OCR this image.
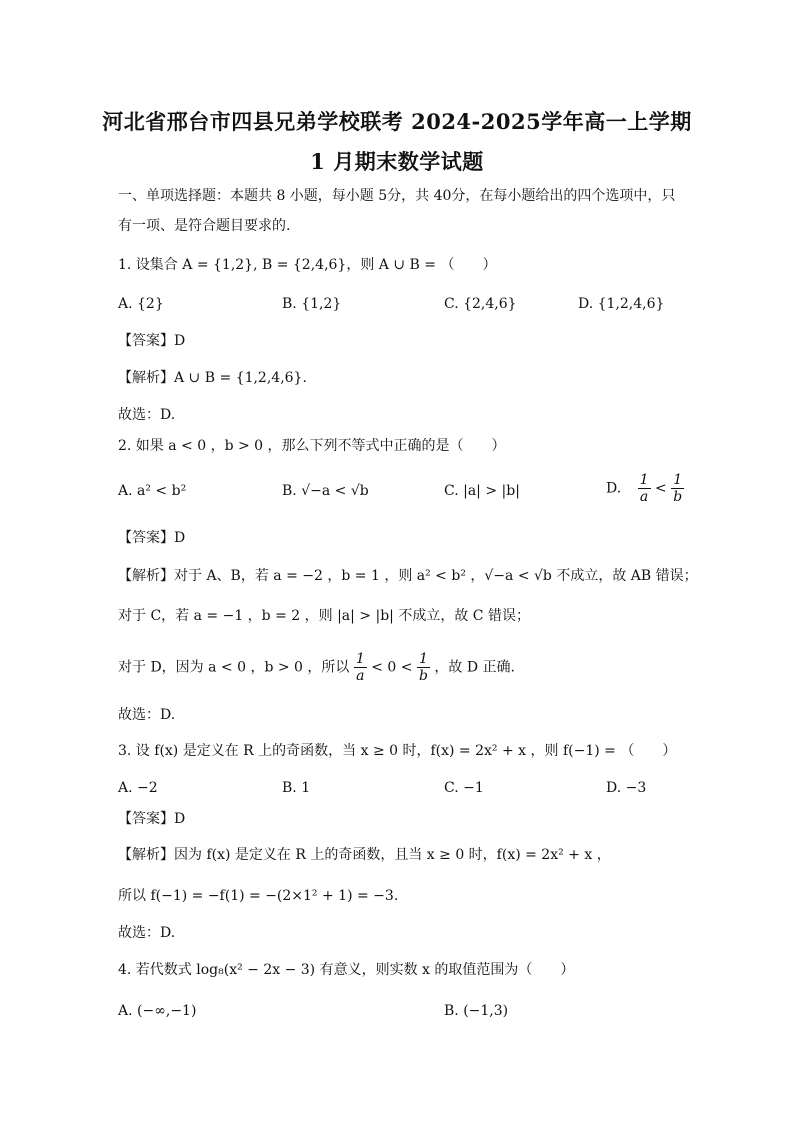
河北省邢台市四县兄弟学校联考 2024-2025学年高一上学期
1 月期末数学试题
一、单项选择题：本题共 8 小题，每小题 5分，共 40分，在每小题给出的四个选项中，只
有一项、是符合题目要求的.
1. 设集合 A = {1,2}, B = {2,4,6}，则 A ∪ B = （　　）
A. {2}	B. {1,2}	C. {2,4,6}	D. {1,2,4,6}
【答案】D
【解析】A ∪ B = {1,2,4,6}.
故选：D.
2. 如果 a < 0 ，b > 0 ，那么下列不等式中正确的是（　　）
A. a² < b²	B. √−a < √b	C. |a| > |b|	D. $\frac{1}{a} < \frac{1}{b}$
【答案】D
【解析】对于 A、B，若 a = −2 ，b = 1 ，则 a² < b² ，√−a < √b 不成立，故 AB 错误；
对于 C，若 a = −1 ，b = 2 ，则 |a| > |b| 不成立，故 C 错误；
对于 D，因为 a < 0 ，b > 0 ，所以 $\frac{1}{a} < 0 < \frac{1}{b}$ ，故 D 正确.
故选：D.
3. 设 f(x) 是定义在 R 上的奇函数，当 x ≥ 0 时，f(x) = 2x² + x ，则 f(−1) = （　　）
A. −2	B. 1	C. −1	D. −3
【答案】D
【解析】因为 f(x) 是定义在 R 上的奇函数，且当 x ≥ 0 时，f(x) = 2x² + x ，
所以 f(−1) = −f(1) = −(2×1² + 1) = −3.
故选：D.
4. 若代数式 log₈(x² − 2x − 3) 有意义，则实数 x 的取值范围为（　　）
A. (−∞,−1)	B. (−1,3)
